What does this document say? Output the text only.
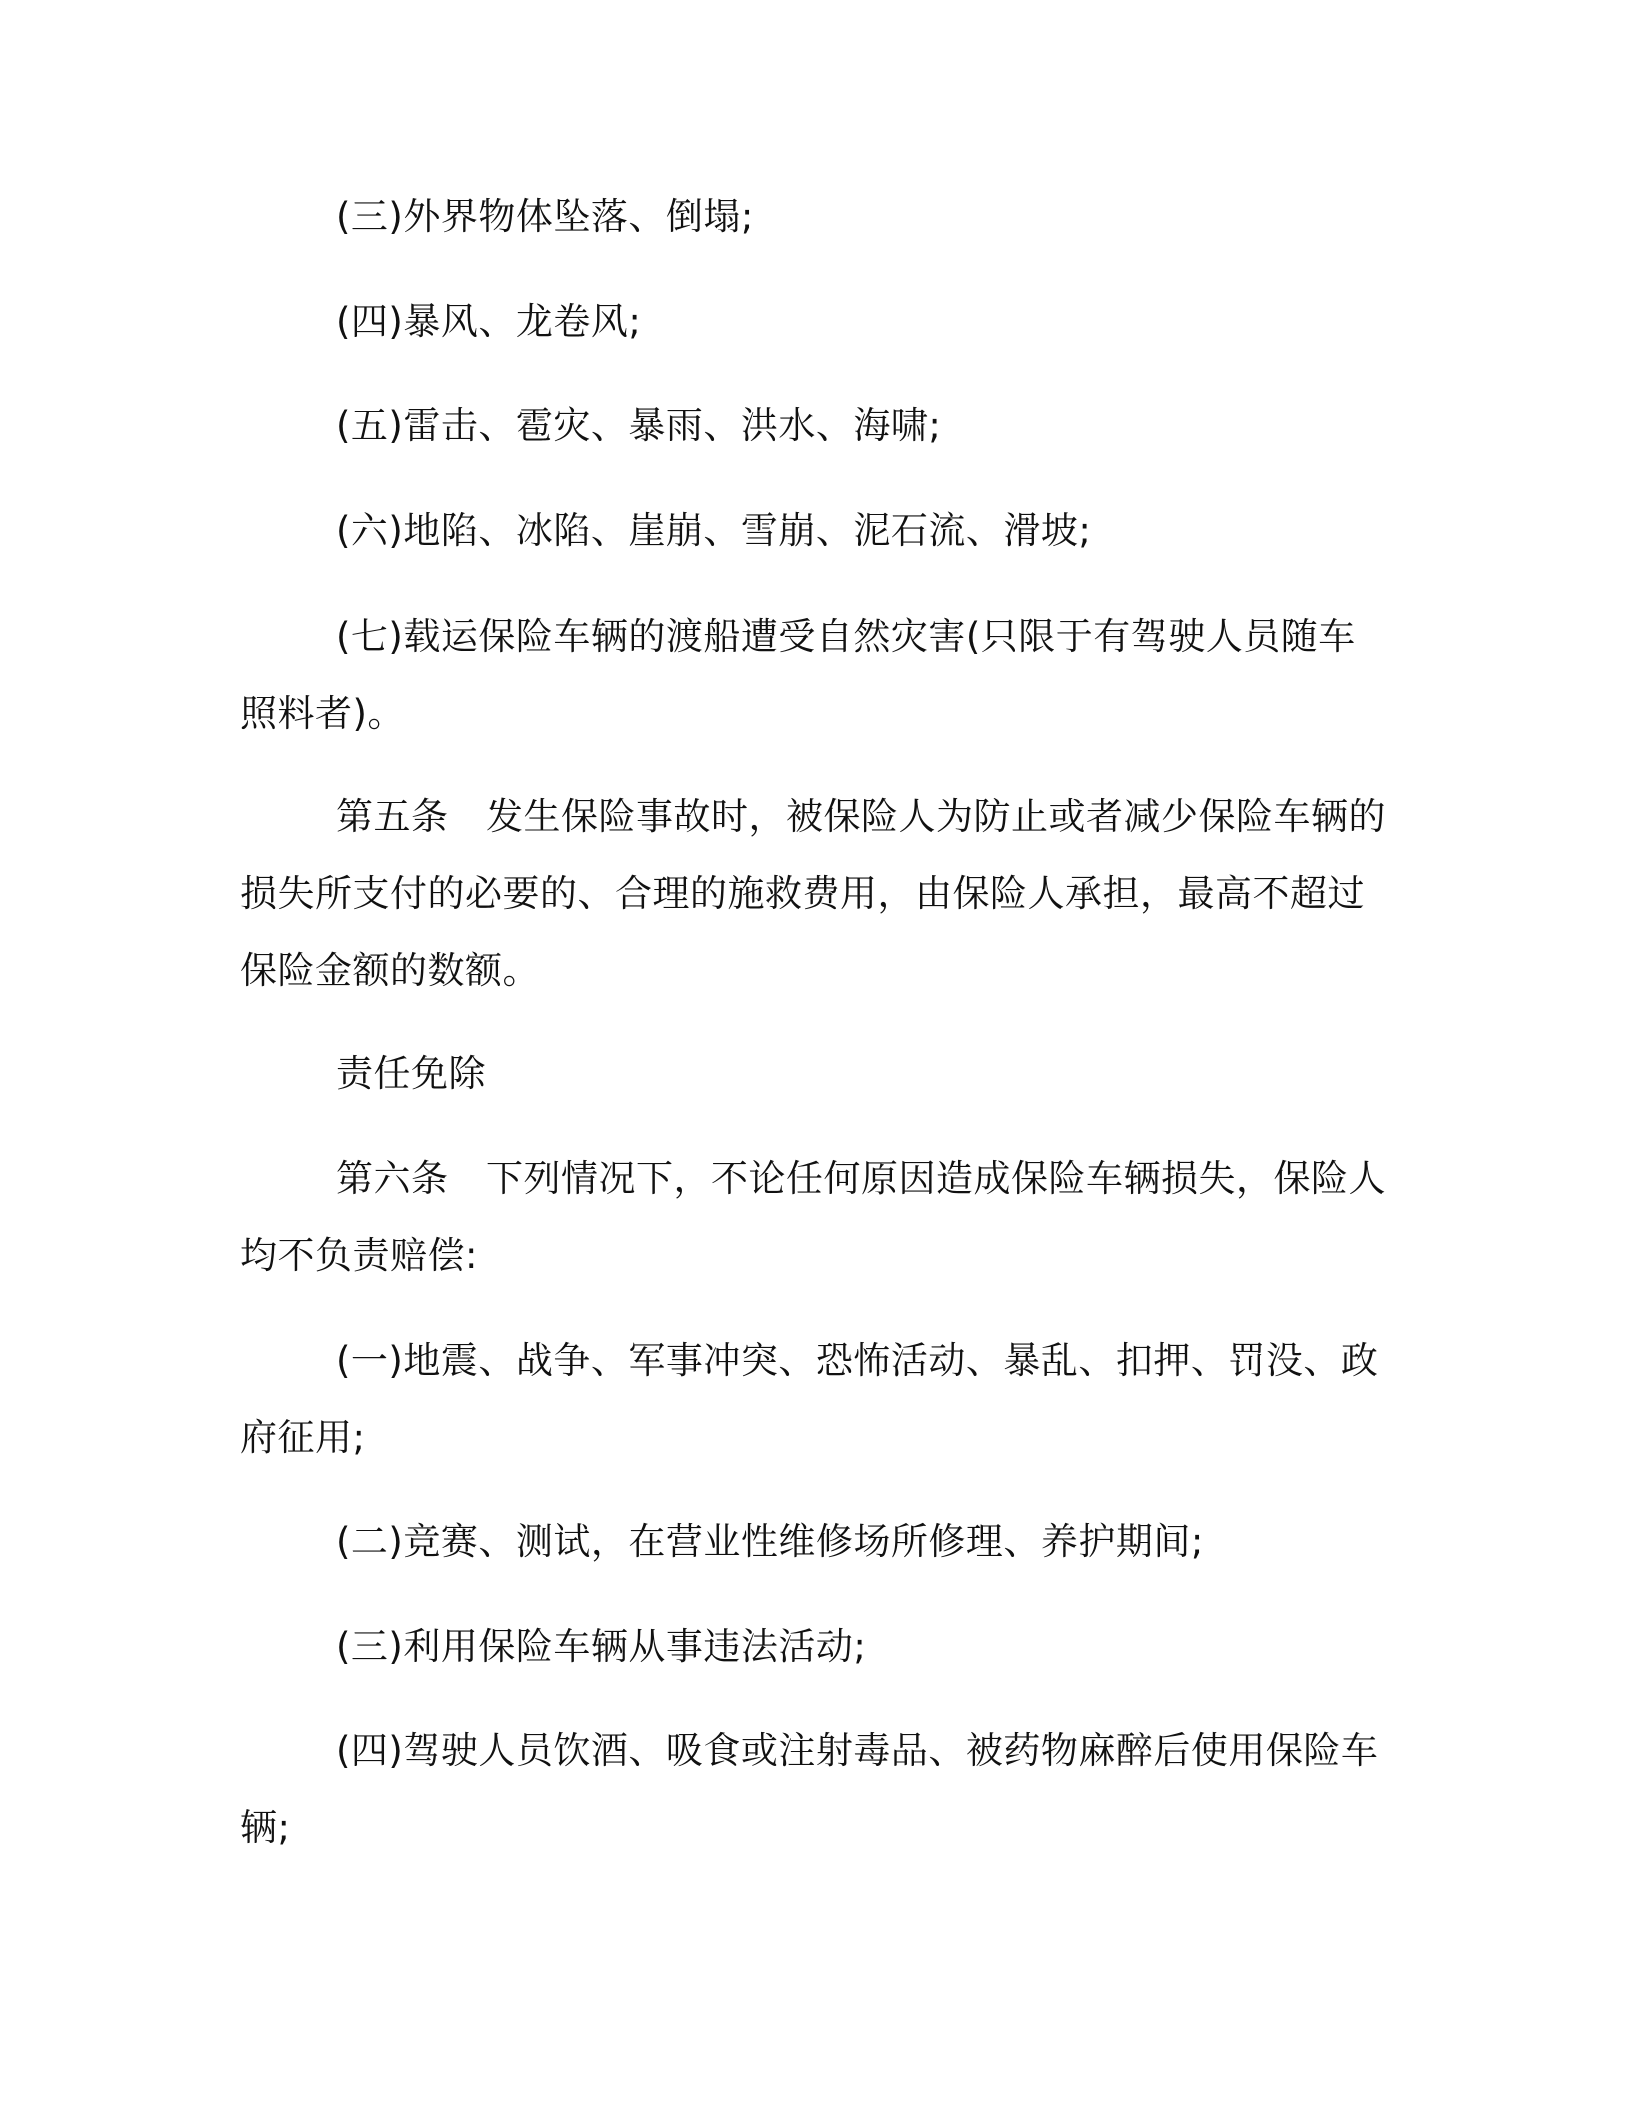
(三)外界物体坠落、倒塌;

(四)暴风、龙卷风;

(五)雷击、雹灾、暴雨、洪水、海啸;

(六)地陷、冰陷、崖崩、雪崩、泥石流、滑坡;

(七)载运保险车辆的渡船遭受自然灾害(只限于有驾驶人员随车照料者)。

第五条　发生保险事故时，被保险人为防止或者减少保险车辆的损失所支付的必要的、合理的施救费用，由保险人承担，最高不超过保险金额的数额。

责任免除

第六条　下列情况下，不论任何原因造成保险车辆损失，保险人均不负责赔偿:

(一)地震、战争、军事冲突、恐怖活动、暴乱、扣押、罚没、政府征用;

(二)竞赛、测试，在营业性维修场所修理、养护期间;

(三)利用保险车辆从事违法活动;

(四)驾驶人员饮酒、吸食或注射毒品、被药物麻醉后使用保险车辆;
